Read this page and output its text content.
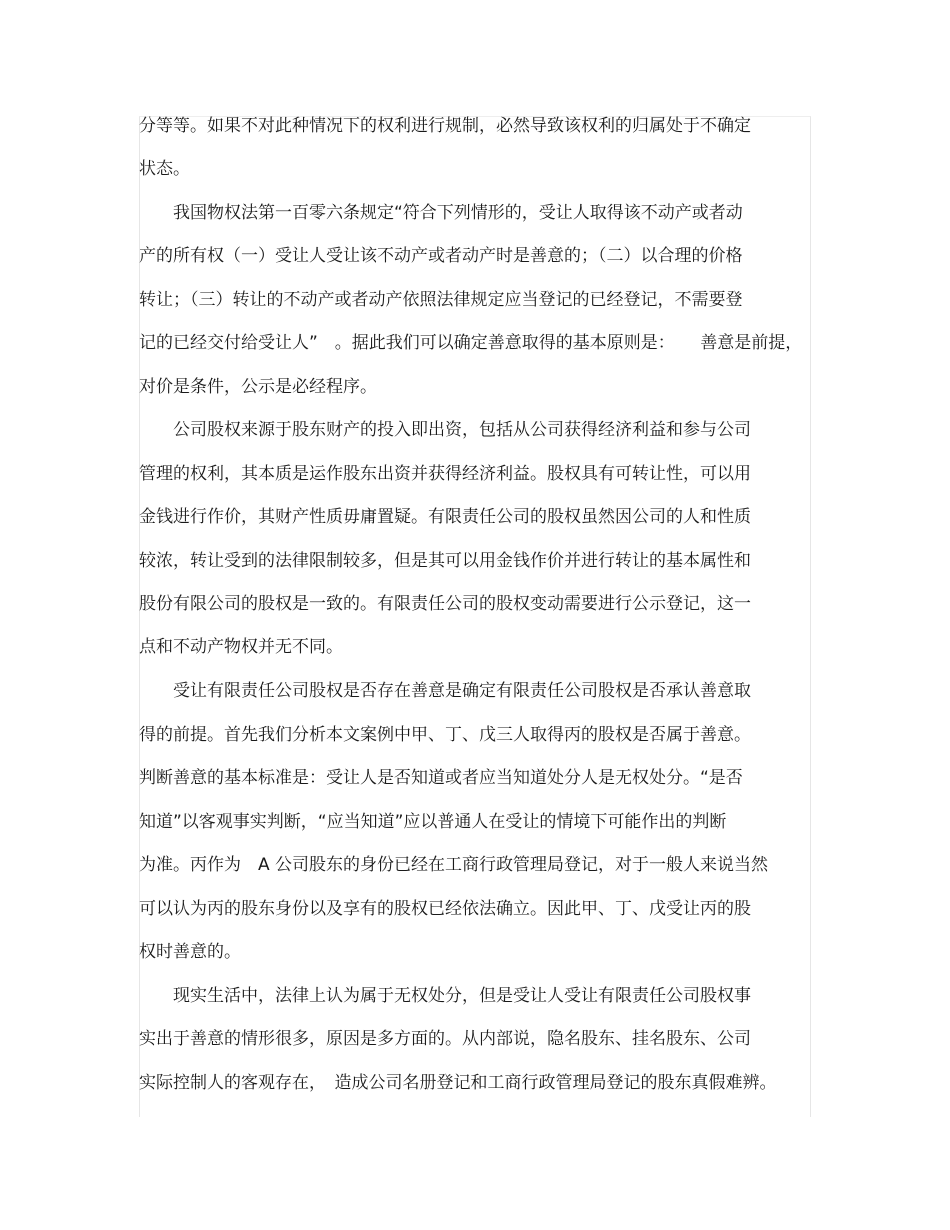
分等等。如果不对此种情况下的权利进行规制，必然导致该权利的归属处于不确定
状态。
　　我国物权法第一百零六条规定“符合下列情形的，受让人取得该不动产或者动
产的所有权（一）受让人受让该不动产或者动产时是善意的；（二）以合理的价格
转让；（三）转让的不动产或者动产依照法律规定应当登记的已经登记，不需要登
记的已经交付给受让人”　。据此我们可以确定善意取得的基本原则是：　　善意是前提，
对价是条件，公示是必经程序。
　　公司股权来源于股东财产的投入即出资，包括从公司获得经济利益和参与公司
管理的权利，其本质是运作股东出资并获得经济利益。股权具有可转让性，可以用
金钱进行作价，其财产性质毋庸置疑。有限责任公司的股权虽然因公司的人和性质
较浓，转让受到的法律限制较多，但是其可以用金钱作价并进行转让的基本属性和
股份有限公司的股权是一致的。有限责任公司的股权变动需要进行公示登记，这一
点和不动产物权并无不同。
　　受让有限责任公司股权是否存在善意是确定有限责任公司股权是否承认善意取
得的前提。首先我们分析本文案例中甲、丁、戊三人取得丙的股权是否属于善意。
判断善意的基本标准是：受让人是否知道或者应当知道处分人是无权处分。“是否
知道”以客观事实判断，“应当知道”应以普通人在受让的情境下可能作出的判断
为准。丙作为　A 公司股东的身份已经在工商行政管理局登记，对于一般人来说当然
可以认为丙的股东身份以及享有的股权已经依法确立。因此甲、丁、戊受让丙的股
权时善意的。
　　现实生活中，法律上认为属于无权处分，但是受让人受让有限责任公司股权事
实出于善意的情形很多，原因是多方面的。从内部说，隐名股东、挂名股东、公司
实际控制人的客观存在，　造成公司名册登记和工商行政管理局登记的股东真假难辨。
